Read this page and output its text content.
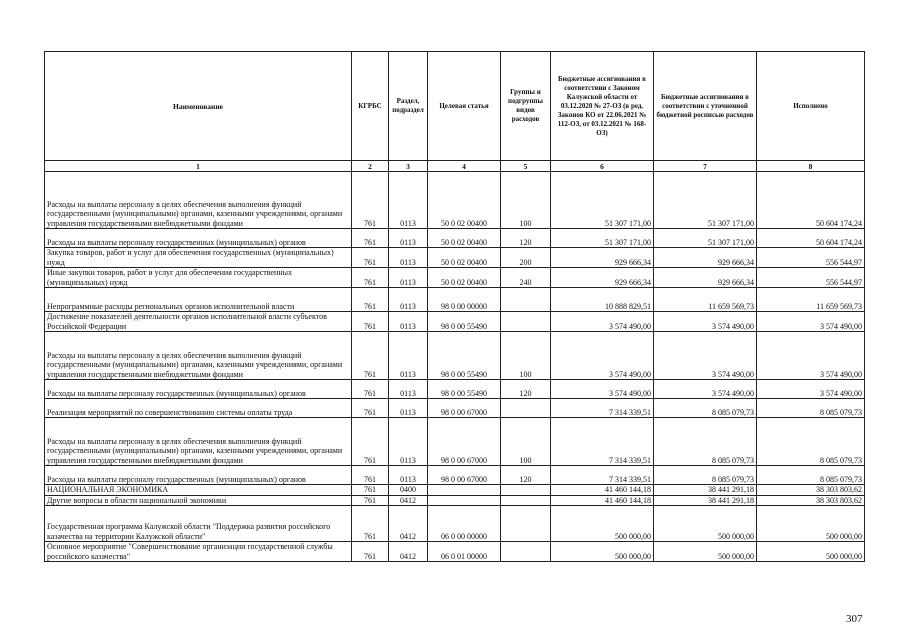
Наименование	КГРБС	Раздел, подраздел	Целевая статья	Группы и подгруппы видов расходов	Бюджетные ассигнования в соответствии с Законом Калужской области от 03.12.2020 № 27-ОЗ (в ред. Законов КО от 22.06.2021 № 112-ОЗ, от 03.12.2021 № 168-ОЗ)	Бюджетные ассигнования в соответствии с уточненной бюджетной росписью расходов	Исполнено
1	2	3	4	5	6	7	8
Расходы на выплаты персоналу в целях обеспечения выполнения функций государственными (муниципальными) органами, казенными учреждениями, органами управления государственными внебюджетными фондами	761	0113	50 0 02 00400	100	51 307 171,00	51 307 171,00	50 604 174,24
Расходы на выплаты персоналу государственных (муниципальных) органов	761	0113	50 0 02 00400	120	51 307 171,00	51 307 171,00	50 604 174,24
Закупка товаров, работ и услуг для обеспечения государственных (муниципальных) нужд	761	0113	50 0 02 00400	200	929 666,34	929 666,34	556 544,97
Иные закупки товаров, работ и услуг для обеспечения государственных (муниципальных) нужд	761	0113	50 0 02 00400	240	929 666,34	929 666,34	556 544,97
Непрограммные расходы региональных органов исполнительной власти	761	0113	98 0 00 00000		10 888 829,51	11 659 569,73	11 659 569,73
Достижение показателей деятельности органов исполнительной власти субъектов Российской Федерации	761	0113	98 0 00 55490		3 574 490,00	3 574 490,00	3 574 490,00
Расходы на выплаты персоналу в целях обеспечения выполнения функций государственными (муниципальными) органами, казенными учреждениями, органами управления государственными внебюджетными фондами	761	0113	98 0 00 55490	100	3 574 490,00	3 574 490,00	3 574 490,00
Расходы на выплаты персоналу государственных (муниципальных) органов	761	0113	98 0 00 55490	120	3 574 490,00	3 574 490,00	3 574 490,00
Реализация мероприятий по совершенствованию системы оплаты труда	761	0113	98 0 00 67000		7 314 339,51	8 085 079,73	8 085 079,73
Расходы на выплаты персоналу в целях обеспечения выполнения функций государственными (муниципальными) органами, казенными учреждениями, органами управления государственными внебюджетными фондами	761	0113	98 0 00 67000	100	7 314 339,51	8 085 079,73	8 085 079,73
Расходы на выплаты персоналу государственных (муниципальных) органов	761	0113	98 0 00 67000	120	7 314 339,51	8 085 079,73	8 085 079,73
НАЦИОНАЛЬНАЯ ЭКОНОМИКА	761	0400			41 460 144,18	38 441 291,18	38 303 803,62
Другие вопросы в области национальной экономики	761	0412			41 460 144,18	38 441 291,18	38 303 803,62
Государственная программа Калужской области "Поддержка развития российского казачества на территории Калужской области"	761	0412	06 0 00 00000		500 000,00	500 000,00	500 000,00
Основное мероприятие "Совершенствование организации государственной службы российского казачества"	761	0412	06 0 01 00000		500 000,00	500 000,00	500 000,00
307
